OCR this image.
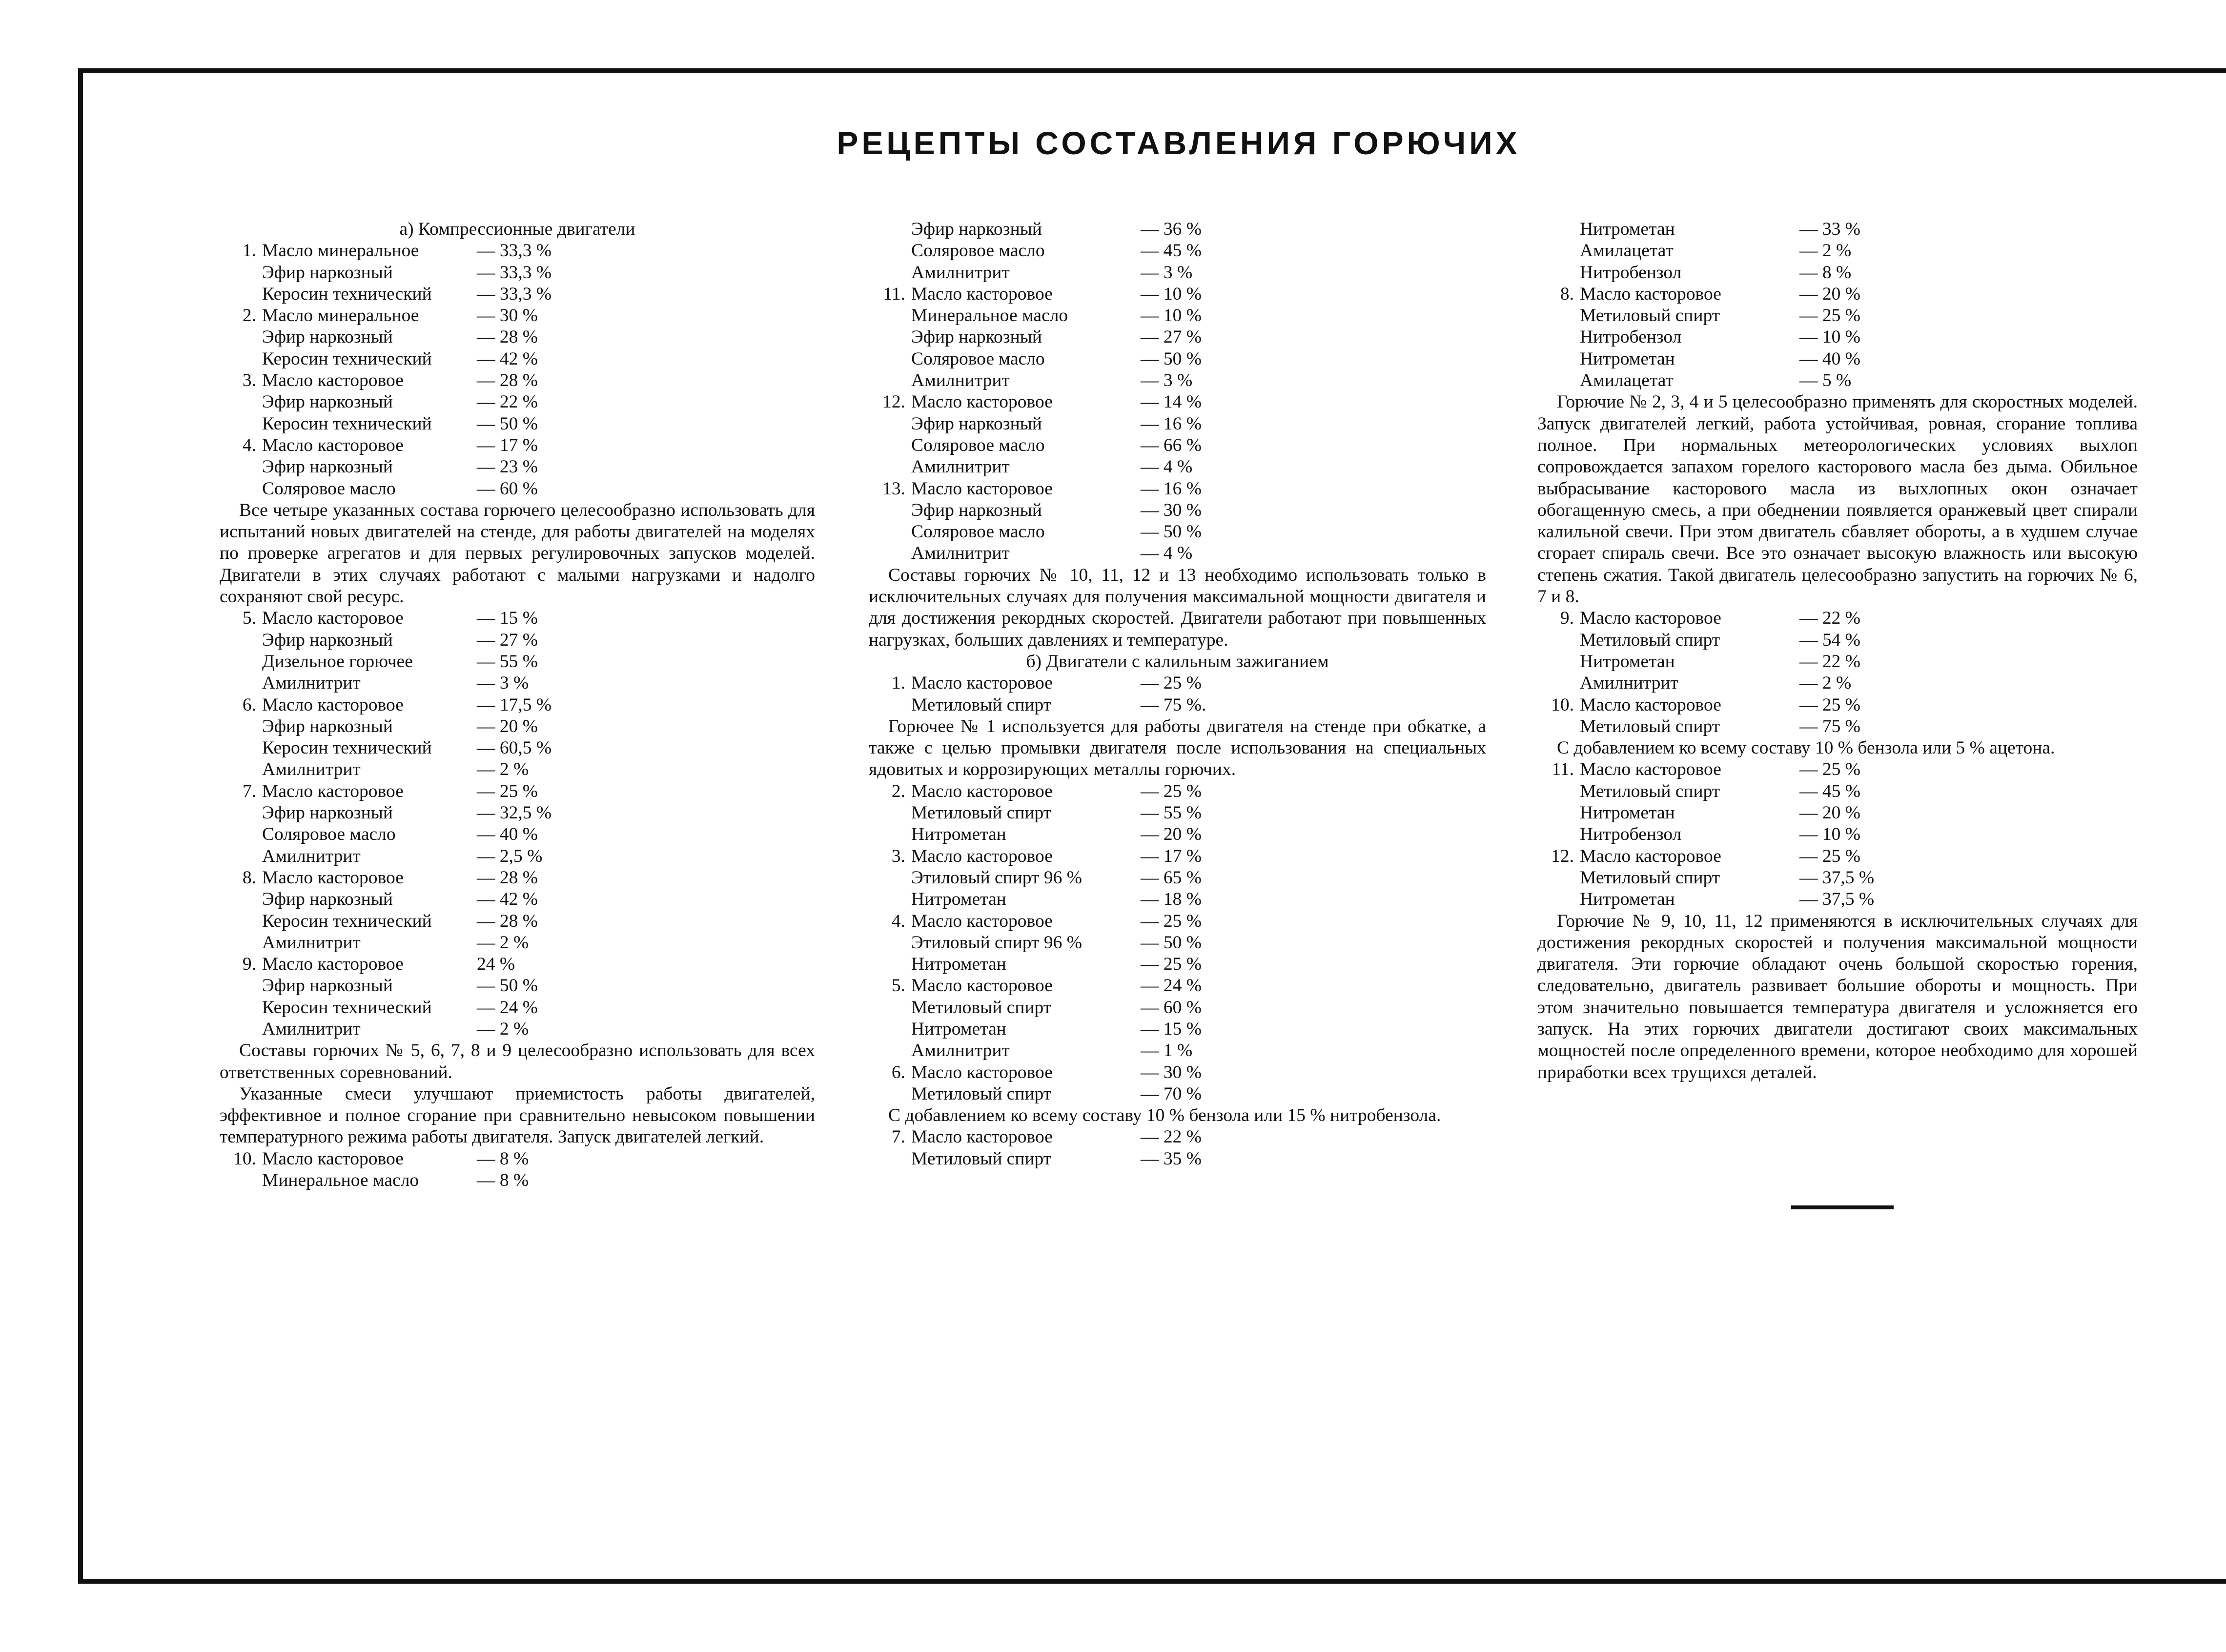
РЕЦЕПТЫ СОСТАВЛЕНИЯ ГОРЮЧИХ
а) Компрессионные двигатели
1. Масло минеральное	— 33,3 %
Эфир наркозный	— 33,3 %
Керосин технический	— 33,3 %
2. Масло минеральное	— 30 %
Эфир наркозный	— 28 %
Керосин технический	— 42 %
3. Масло касторовое	— 28 %
Эфир наркозный	— 22 %
Керосин технический	— 50 %
4. Масло касторовое	— 17 %
Эфир наркозный	— 23 %
Соляровое масло	— 60 %

Все четыре указанных состава горючего целесообразно использовать для испытаний новых двигателей на стенде, для работы двигателей на моделях по проверке агрегатов и для первых регулировочных запусков моделей. Двигатели в этих случаях работают с малыми нагрузками и надолго сохраняют свой ресурс.

5. Масло касторовое	— 15 %
Эфир наркозный	— 27 %
Дизельное горючее	— 55 %
Амилнитрит	— 3 %
6. Масло касторовое	— 17,5 %
Эфир наркозный	— 20 %
Керосин технический	— 60,5 %
Амилнитрит	— 2 %
7. Масло касторовое	— 25 %
Эфир наркозный	— 32,5 %
Соляровое масло	— 40 %
Амилнитрит	— 2,5 %
8. Масло касторовое	— 28 %
Эфир наркозный	— 42 %
Керосин технический	— 28 %
Амилнитрит	— 2 %
9. Масло касторовое	24 %
Эфир наркозный	— 50 %
Керосин технический	— 24 %
Амилнитрит	— 2 %

Составы горючих № 5, 6, 7, 8 и 9 целесообразно использовать для всех ответственных соревнований.

Указанные смеси улучшают приемистость работы двигателей, эффективное и полное сгорание при сравнительно невысоком повышении температурного режима работы двигателя. Запуск двигателей легкий.

10. Масло касторовое	— 8 %
Минеральное масло	— 8 %
Эфир наркозный	— 36 %
Соляровое масло	— 45 %
Амилнитрит	— 3 %
11. Масло касторовое	— 10 %
Минеральное масло	— 10 %
Эфир наркозный	— 27 %
Соляровое масло	— 50 %
Амилнитрит	— 3 %
12. Масло касторовое	— 14 %
Эфир наркозный	— 16 %
Соляровое масло	— 66 %
Амилнитрит	— 4 %
13. Масло касторовое	— 16 %
Эфир наркозный	— 30 %
Соляровое масло	— 50 %
Амилнитрит	— 4 %

Составы горючих № 10, 11, 12 и 13 необходимо использовать только в исключительных случаях для получения максимальной мощности двигателя и для достижения рекордных скоростей. Двигатели работают при повышенных нагрузках, больших давлениях и температуре.

б) Двигатели с калильным зажиганием
1. Масло касторовое	— 25 %
Метиловый спирт	— 75 %.

Горючее № 1 используется для работы двигателя на стенде при обкатке, а также с целью промывки двигателя после использования на специальных ядовитых и коррозирующих металлы горючих.

2. Масло касторовое	— 25 %
Метиловый спирт	— 55 %
Нитрометан	— 20 %
3. Масло касторовое	— 17 %
Этиловый спирт 96 %	— 65 %
Нитрометан	— 18 %
4. Масло касторовое	— 25 %
Этиловый спирт 96 %	— 50 %
Нитрометан	— 25 %
5. Масло касторовое	— 24 %
Метиловый спирт	— 60 %
Нитрометан	— 15 %
Амилнитрит	— 1 %
6. Масло касторовое	— 30 %
Метиловый спирт	— 70 %

С добавлением ко всему составу 10 % бензола или 15 % нитробензола.

7. Масло касторовое	— 22 %
Метиловый спирт	— 35 %
Нитрометан	— 33 %
Амилацетат	— 2 %
Нитробензол	— 8 %
8. Масло касторовое	— 20 %
Метиловый спирт	— 25 %
Нитробензол	— 10 %
Нитрометан	— 40 %
Амилацетат	— 5 %

Горючие № 2, 3, 4 и 5 целесообразно применять для скоростных моделей. Запуск двигателей легкий, работа устойчивая, ровная, сгорание топлива полное. При нормальных метеорологических условиях выхлоп сопровождается запахом горелого касторового масла без дыма. Обильное выбрасывание касторового масла из выхлопных окон означает обогащенную смесь, а при обеднении появляется оранжевый цвет спирали калильной свечи. При этом двигатель сбавляет обороты, а в худшем случае сгорает спираль свечи. Все это означает высокую влажность или высокую степень сжатия. Такой двигатель целесообразно запустить на горючих № 6, 7 и 8.

9. Масло касторовое	— 22 %
Метиловый спирт	— 54 %
Нитрометан	— 22 %
Амилнитрит	— 2 %
10. Масло касторовое	— 25 %
Метиловый спирт	— 75 %

С добавлением ко всему составу 10 % бензола или 5 % ацетона.

11. Масло касторовое	— 25 %
Метиловый спирт	— 45 %
Нитрометан	— 20 %
Нитробензол	— 10 %
12. Масло касторовое	— 25 %
Метиловый спирт	— 37,5 %
Нитрометан	— 37,5 %

Горючие № 9, 10, 11, 12 применяются в исключительных случаях для достижения рекордных скоростей и получения максимальной мощности двигателя. Эти горючие обладают очень большой скоростью горения, следовательно, двигатель развивает большие обороты и мощность. При этом значительно повышается температура двигателя и усложняется его запуск. На этих горючих двигатели достигают своих максимальных мощностей после определенного времени, которое необходимо для хорошей приработки всех трущихся деталей.
